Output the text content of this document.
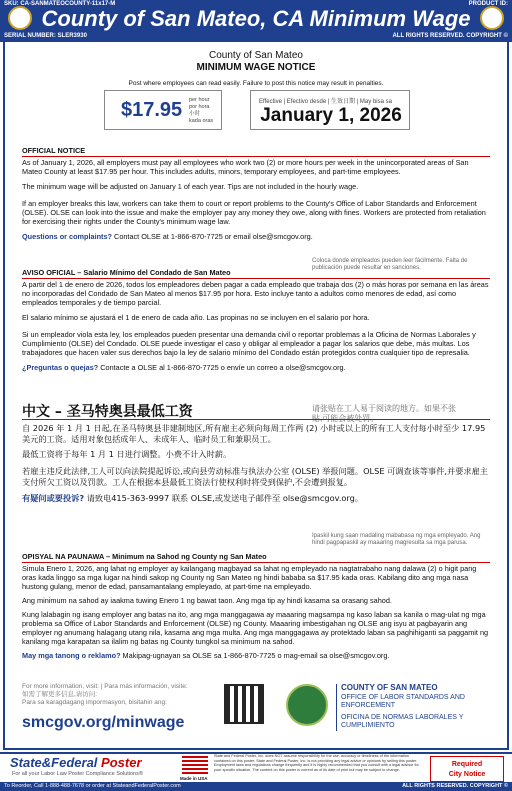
SKU: CA-SANMATEOCOUNTY-11x17-M	PRODUCT ID:
County of San Mateo, CA Minimum Wage
SERIAL NUMBER: SLER3930	ALL RIGHTS RESERVED. COPYRIGHT ©
County of San Mateo
MINIMUM WAGE NOTICE
Post where employees can read easily. Failure to post this notice may result in penalties.
$17.95 per hour
por hora
小时
kada oras
Effective | Efectivo desde | 生效日期 | May bisa sa
January 1, 2026
OFFICIAL NOTICE

As of January 1, 2026, all employers must pay all employees who work two (2) or more hours per week in the unincorporated areas of San Mateo County at least $17.95 per hour. This includes adults, minors, temporary employees, and part-time employees.

The minimum wage will be adjusted on January 1 of each year. Tips are not included in the hourly wage.

If an employer breaks this law, workers can take them to court or report problems to the County's Office of Labor Standards and Enforcement (OLSE). OLSE can look into the issue and make the employer pay any money they owe, along with fines. Workers are protected from retaliation for exercising their rights under the County's minimum wage law.

Questions or complaints? Contact OLSE at 1-866-870-7725 or email olse@smcgov.org.

Coloca donde empleados pueden leer fácilmente. Falta de publicación puede resultar en sanciones.
AVISO OFICIAL – Salario Mínimo del Condado de San Mateo

A partir del 1 de enero de 2026, todos los empleadores deben pagar a cada empleado que trabaja dos (2) o más horas por semana en las áreas no incorporadas del Condado de San Mateo al menos $17.95 por hora. Esto incluye tanto a adultos como menores de edad, así como empleados temporales y de tiempo parcial.

El salario mínimo se ajustará el 1 de enero de cada año. Las propinas no se incluyen en el salario por hora.

Si un empleador viola esta ley, los empleados pueden presentar una demanda civil o reportar problemas a la Oficina de Normas Laborales y Cumplimiento (OLSE) del Condado. OLSE puede investigar el caso y obligar al empleador a pagar los salarios que debe, más multas. Los trabajadores que hacen valer sus derechos bajo la ley de salario mínimo del Condado están protegidos contra cualquier tipo de represalia.

¿Preguntas o quejas? Contacte a OLSE al 1-866-870-7725 o envíe un correo a olse@smcgov.org.

请张贴在工人易于阅读的地方。如果不张贴,可能会被处罚。
中文 – 圣马特奥县最低工资

自 2026 年 1 月 1 日起,在圣马特奥县非建制地区,所有雇主必须向每周工作两 (2) 小时或以上的所有工人支付每小时至少 17.95 美元的工资。适用对象包括成年人、未成年人、临时员工和兼职员工。

最低工资将于每年 1 月 1 日进行调整。小费不计入时薪。

若雇主违反此法律,工人可以向法院提起诉讼,或向县劳动标准与执法办公室 (OLSE) 举报问题。OLSE 可调查该等事件,并要求雇主支付所欠工资以及罚款。工人在根据本县最低工资法行使权利时将受到保护,不会遭到报复。

有疑问或要投诉? 请致电415-363-9997 联系 OLSE,或发送电子邮件至 olse@smcgov.org。

Ipaskil kung saan madaling mababasa ng mga empleyado. Ang hindi pagpapaskil ay maaaring magresulta sa mga parusa.
OPISYAL NA PAUNAWA – Minimum na Sahod ng County ng San Mateo

Simula Enero 1, 2026, ang lahat ng employer ay kailangang magbayad sa lahat ng empleyado na nagtatrabaho nang dalawa (2) o higit pang oras kada linggo sa mga lugar na hindi sakop ng County ng San Mateo ng hindi bababa sa $17.95 kada oras. Kabilang dito ang mga nasa hustong gulang, menor de edad, pansamantalang empleyado, at part-time na empleyado.

Ang minimum na sahod ay iaakma tuwing Enero 1 ng bawat taon. Ang mga tip ay hindi kasama sa orasang sahod.

Kung lalabagin ng isang employer ang batas na ito, ang mga manggagawa ay maaaring magsampa ng kaso laban sa kanila o mag-ulat ng mga problema sa Office of Labor Standards and Enforcement (OLSE) ng County. Maaaring imbestigahan ng OLSE ang isyu at pagbayarin ang employer ng anumang halagang utang nila, kasama ang mga multa. Ang mga manggagawa ay protektado laban sa paghihiganti sa paggamit ng kanilang mga karapatan sa ilalim ng batas ng County tungkol sa minimum na sahod.

May mga tanong o reklamo? Makipag-ugnayan sa OLSE sa 1-866-870-7725 o mag-email sa olse@smcgov.org.

For more information, visit: | Para más información, visite:
如需了解更多信息,请访问:
Para sa karagdagang impormasyon, bisitahin ang:
smcgov.org/minwage
COUNTY OF SAN MATEO
OFFICE OF LABOR STANDARDS AND ENFORCEMENT
OFICINA DE NORMAS LABORALES Y CUMPLIMIENTO
State&Federal Poster
For all your Labor Law Poster Compliance Solutions®
Made in USA
State and Federal Poster, Inc. does NOT assume responsibility for the use, accuracy or timeliness of the information contained on this poster. State and Federal Poster, Inc. is not providing any legal advice or opinions by selling this poster. Employment laws and regulations change frequently and it is highly recommended that you consult with a legal advisor for your specific situation. The content on this poster is current as of its date of print but may be subject to change.
Required
City Notice
To Reorder, Call 1-888-488-7678 or order at StateandFederalPoster.com	ALL RIGHTS RESERVED. COPYRIGHT ©
